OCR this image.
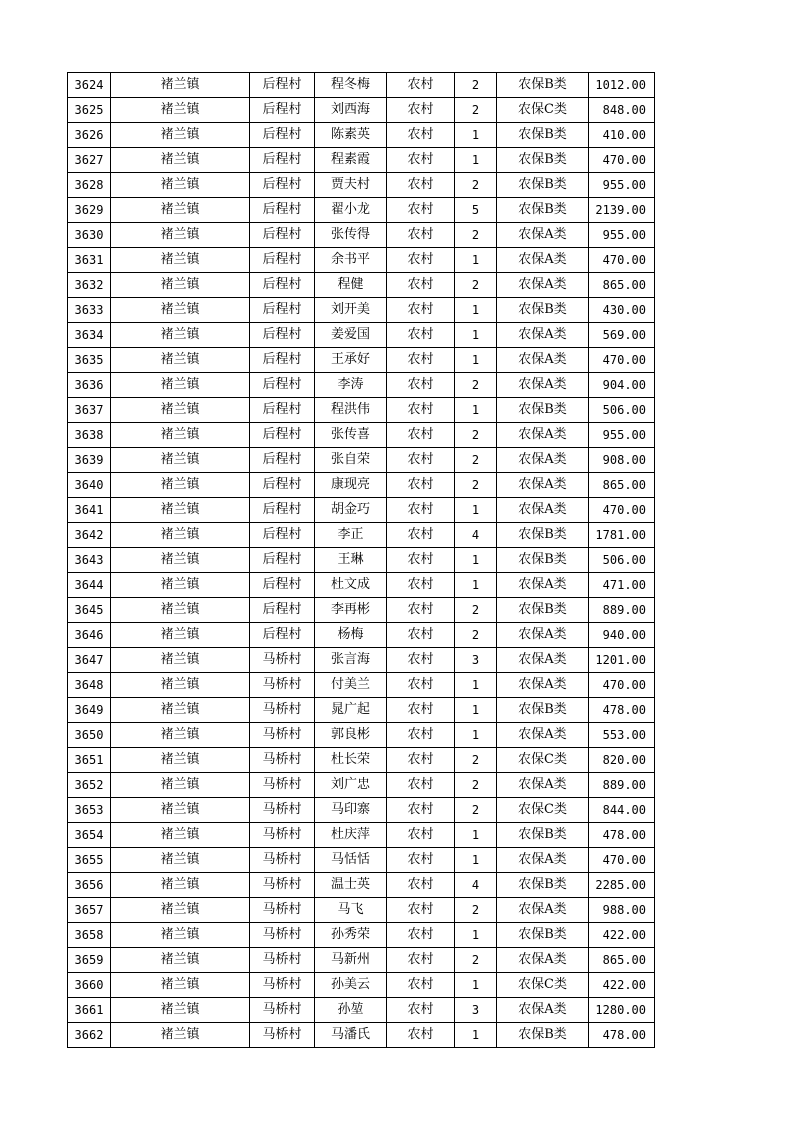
3624	褚兰镇	后程村	程冬梅	农村	2	农保B类	1012.00
3625	褚兰镇	后程村	刘西海	农村	2	农保C类	848.00
3626	褚兰镇	后程村	陈素英	农村	1	农保B类	410.00
3627	褚兰镇	后程村	程素霞	农村	1	农保B类	470.00
3628	褚兰镇	后程村	贾夫村	农村	2	农保B类	955.00
3629	褚兰镇	后程村	翟小龙	农村	5	农保B类	2139.00
3630	褚兰镇	后程村	张传得	农村	2	农保A类	955.00
3631	褚兰镇	后程村	余书平	农村	1	农保A类	470.00
3632	褚兰镇	后程村	程健	农村	2	农保A类	865.00
3633	褚兰镇	后程村	刘开美	农村	1	农保B类	430.00
3634	褚兰镇	后程村	姜爱国	农村	1	农保A类	569.00
3635	褚兰镇	后程村	王承好	农村	1	农保A类	470.00
3636	褚兰镇	后程村	李涛	农村	2	农保A类	904.00
3637	褚兰镇	后程村	程洪伟	农村	1	农保B类	506.00
3638	褚兰镇	后程村	张传喜	农村	2	农保A类	955.00
3639	褚兰镇	后程村	张自荣	农村	2	农保A类	908.00
3640	褚兰镇	后程村	康现亮	农村	2	农保A类	865.00
3641	褚兰镇	后程村	胡金巧	农村	1	农保A类	470.00
3642	褚兰镇	后程村	李正	农村	4	农保B类	1781.00
3643	褚兰镇	后程村	王琳	农村	1	农保B类	506.00
3644	褚兰镇	后程村	杜文成	农村	1	农保A类	471.00
3645	褚兰镇	后程村	李再彬	农村	2	农保B类	889.00
3646	褚兰镇	后程村	杨梅	农村	2	农保A类	940.00
3647	褚兰镇	马桥村	张言海	农村	3	农保A类	1201.00
3648	褚兰镇	马桥村	付美兰	农村	1	农保A类	470.00
3649	褚兰镇	马桥村	晁广起	农村	1	农保B类	478.00
3650	褚兰镇	马桥村	郭良彬	农村	1	农保A类	553.00
3651	褚兰镇	马桥村	杜长荣	农村	2	农保C类	820.00
3652	褚兰镇	马桥村	刘广忠	农村	2	农保A类	889.00
3653	褚兰镇	马桥村	马印寨	农村	2	农保C类	844.00
3654	褚兰镇	马桥村	杜庆萍	农村	1	农保B类	478.00
3655	褚兰镇	马桥村	马恬恬	农村	1	农保A类	470.00
3656	褚兰镇	马桥村	温士英	农村	4	农保B类	2285.00
3657	褚兰镇	马桥村	马飞	农村	2	农保A类	988.00
3658	褚兰镇	马桥村	孙秀荣	农村	1	农保B类	422.00
3659	褚兰镇	马桥村	马新州	农村	2	农保A类	865.00
3660	褚兰镇	马桥村	孙美云	农村	1	农保C类	422.00
3661	褚兰镇	马桥村	孙堃	农村	3	农保A类	1280.00
3662	褚兰镇	马桥村	马潘氏	农村	1	农保B类	478.00
